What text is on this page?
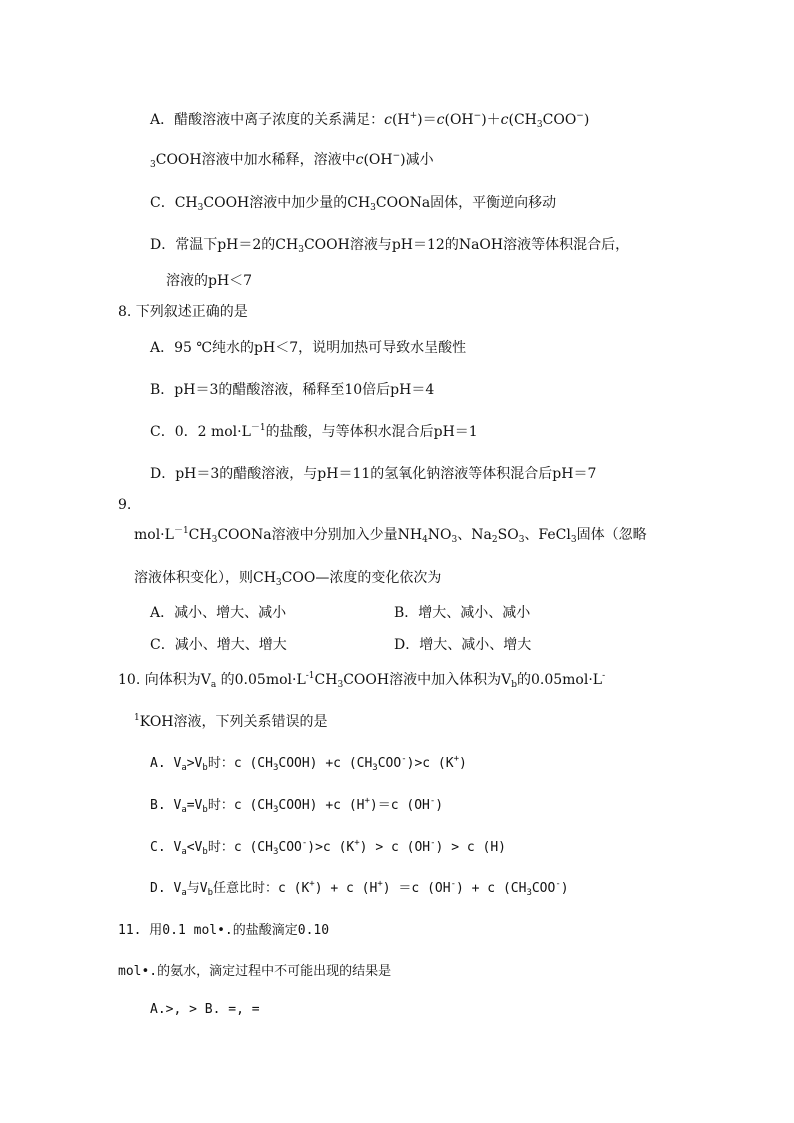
A．醋酸溶液中离子浓度的关系满足：$c(H^+)=c(OH^-)+c(CH_3COO^-)$
$_3$COOH溶液中加水稀释，溶液中c(OH−)减小
C．$CH_3COOH$溶液中加少量的$CH_3COONa$固体，平衡逆向移动
D．常温下pH＝2的$CH_3COOH$溶液与pH＝12的NaOH溶液等体积混合后，
溶液的pH＜7
8. 下列叙述正确的是
A．95 ℃纯水的pH＜7，说明加热可导致水呈酸性
B．pH＝3的醋酸溶液，稀释至10倍后pH＝4
C．0．2 $mol\cdot L^{-1}$的盐酸，与等体积水混合后pH＝1
D．pH＝3的醋酸溶液，与pH＝11的氢氧化钠溶液等体积混合后pH＝7
9.
$mol\cdot L^{-1}CH_3COONa$溶液中分别加入少量$NH_4NO_3$、$Na_2SO_3$、FeCl$_3$固体（忽略
溶液体积变化），则$CH_3COO—$浓度的变化依次为
A．减小、增大、减小	B．增大、减小、减小
C．减小、增大、增大	D．增大、减小、增大
10. 向体积为$V_a$ 的$0.05mol\cdot L^{-1}CH_3COOH$溶液中加入体积为$V_b$的0.05mol·L-
$^1$KOH溶液，下列关系错误的是
A. $V_a>V_b$时：c $(CH_3COOH) +c$ $(CH_3COO^-)>c$ (K+)
B. $V_a=V_b$时：c $(CH_3COOH) +c$ (H+)＝c (OH-)
C. $V_a<V_b$时：c $(CH_3COO^-)>c$ (K+) > c (OH-) > c (H)
D. $V_a$与$V_b$任意比时：c (K+) + c (H+) ＝c (OH-) + c $(CH_3COO^-)$
11. 用0.1 mol•.的盐酸滴定0.10
mol•.的氨水，滴定过程中不可能出现的结果是
A.>, > B. =, =
